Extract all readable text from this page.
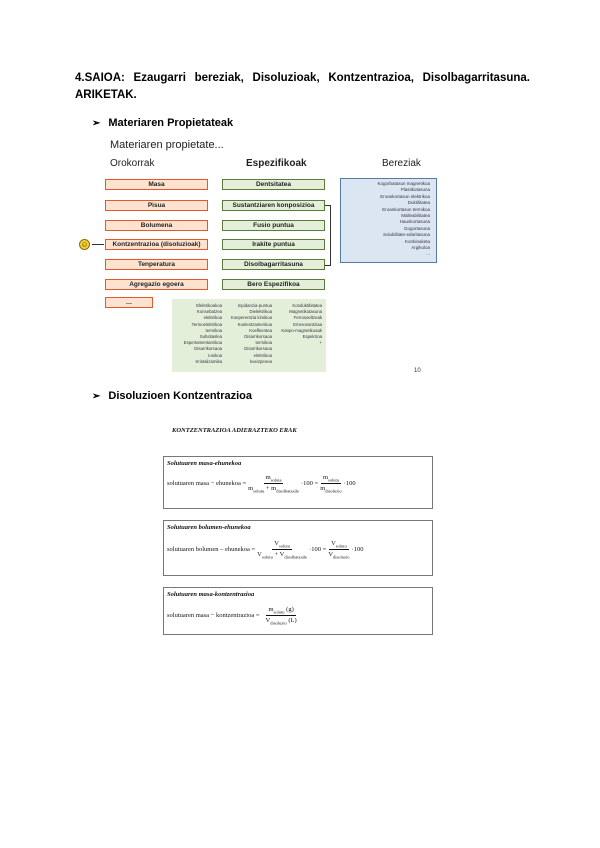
4.SAIOA: Ezaugarri bereziak, Disoluzioak, Kontzentrazioa, Disolbagarritasuna. ARIKETAK.
➢ Materiaren Propietateak
Materiaren propietate...
Orokorrak	Espezifikoak	Bereziak
Masa
Pisua
Bolumena
Kontzentrazioa (disoluzioak)
Tenperatura
Agregazio egoera
…
☺
Dentsitatea
Sustantziaren konposizioa
Fusio puntua
Irakite puntua
Disolbagarritasuna
Bero Espezifikoa
Kogorbatasun magnetikoa
Plastikotasuna
Eroankortasun elektrikoa
Duktilitatea
Eroankortasun termikoa
Malleabilitatea
Hauskortasuna
Gogortasuna
Solubilitate-edaritasuna
Konbinaketa
Argikoloa
...
Elektrikoakoa
Konsebatzea
elektrikoa
Termoelektrikoa
termikoa
Suhsitaslea
Espertamentamikoa
Disarrikorsaoa
Ionikoa
Kristalizamika
Inpidanzia-puntua
Dielektrikoa
Koeperentzia kimikoa
Koelentzamenkoa
Koefkientea
Disarrikorsaoa
termikoa
Disarrikorsaoa
elektrikoa
koeizpenea
Konduktibitatea
Magnetikotasuna
Ferrosoeltzeak
Erresonantziaa
Kanpo-magnetikoaak
Espektroa
+
10
➢ Disoluzioen Kontzentrazioa
KONTZENTRAZIOA ADIERAZTEKO ERAK
Solutuaren masa-ehunekoa
solutuaren masa − ehunekoa = $\frac{m_{soluta}}{m_{solutu} + m_{disolbatzaile}} \cdot 100 = \frac{m_{solutu}}{m_{disoluzio}} \cdot 100$
Solutuaren bolumen-ehunekoa
solutuaren bolumen – ehunekoa = $\frac{V_{solutu}}{V_{solutu} + V_{disolbatzaile}} \cdot 100 = \frac{V_{solutu}}{V_{disoluzio}} \cdot 100$
Solutuaren masa-kontzentrazioa
solutuaren masa − kontzentrazioa = $\frac{m_{solutu} (g)}{V_{disoluzio} (L)}$
